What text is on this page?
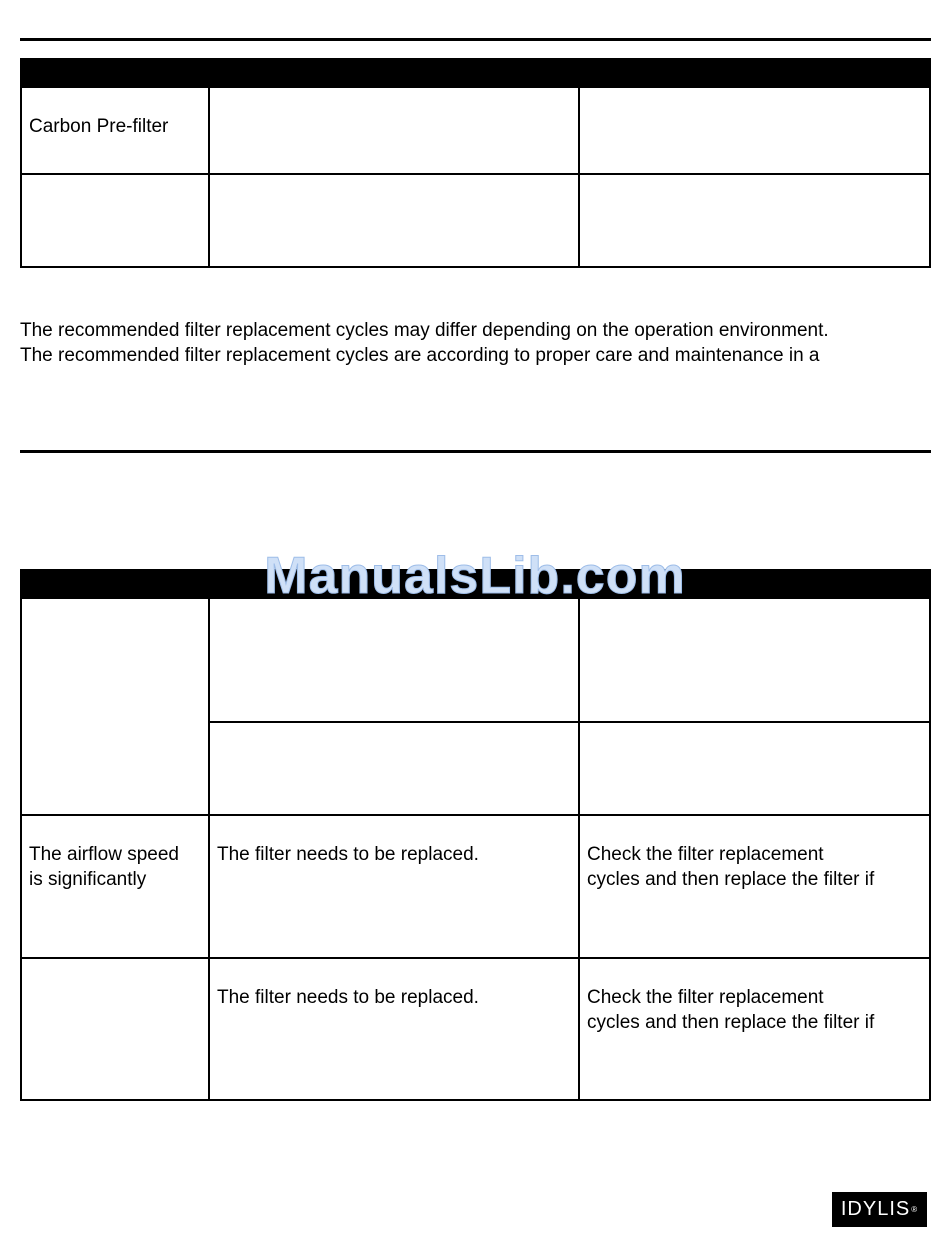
Carbon Pre-filter
The recommended filter replacement cycles may differ depending on the operation environment.
The recommended filter replacement cycles are according to proper care and maintenance in a
The airflow speed
is significantly
The filter needs to be replaced.	Check the filter replacement
cycles and then replace the filter if
The filter needs to be replaced.	Check the filter replacement
cycles and then replace the filter if
ManualsLib.com
IDYLIS ®
